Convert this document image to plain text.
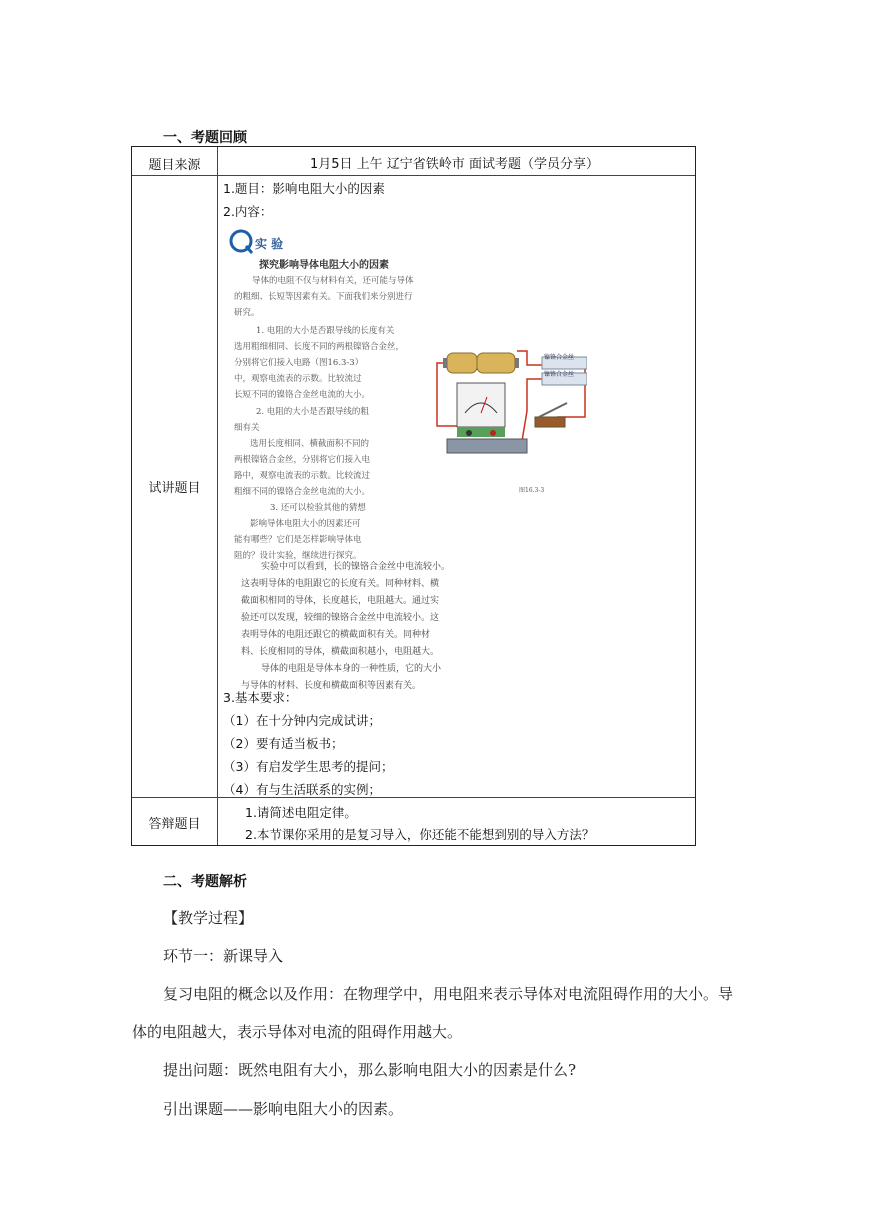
一、考题回顾
题目来源	1月5日 上午 辽宁省铁岭市 面试考题（学员分享）
试讲题目
1.题目：影响电阻大小的因素
2.内容：
实 验
探究影响导体电阻大小的因素
导体的电阻不仅与材料有关，还可能与导体
的粗细、长短等因素有关。下面我们来分别进行
研究。
1. 电阻的大小是否跟导线的长度有关
选用粗细相同、长度不同的两根镍铬合金丝，
分别将它们接入电路（图16.3-3）
中，观察电流表的示数。比较流过
长短不同的镍铬合金丝电流的大小。
2. 电阻的大小是否跟导线的粗
细有关
选用长度相同、横截面积不同的
两根镍铬合金丝，分别将它们接入电
路中，观察电流表的示数。比较流过
粗细不同的镍铬合金丝电流的大小。
3. 还可以检验其他的猜想
影响导体电阻大小的因素还可
能有哪些？它们是怎样影响导体电
阻的？设计实验，继续进行探究。
实验中可以看到，长的镍铬合金丝中电流较小。
这表明导体的电阻跟它的长度有关。同种材料、横
截面积相同的导体，长度越长，电阻越大。通过实
验还可以发现，较细的镍铬合金丝中电流较小。这
表明导体的电阻还跟它的横截面积有关。同种材
料、长度相同的导体，横截面积越小，电阻越大。
导体的电阻是导体本身的一种性质，它的大小
与导体的材料、长度和横截面积等因素有关。
镍铬合金丝
镍铬合金丝
图16.3-3
3.基本要求：
（1）在十分钟内完成试讲；
（2）要有适当板书；
（3）有启发学生思考的提问；
（4）有与生活联系的实例；
答辩题目
1.请简述电阻定律。
2.本节课你采用的是复习导入，你还能不能想到别的导入方法？
二、考题解析
【教学过程】
环节一：新课导入
复习电阻的概念以及作用：在物理学中，用电阻来表示导体对电流阻碍作用的大小。导
体的电阻越大，表示导体对电流的阻碍作用越大。
提出问题：既然电阻有大小，那么影响电阻大小的因素是什么?
引出课题——影响电阻大小的因素。
